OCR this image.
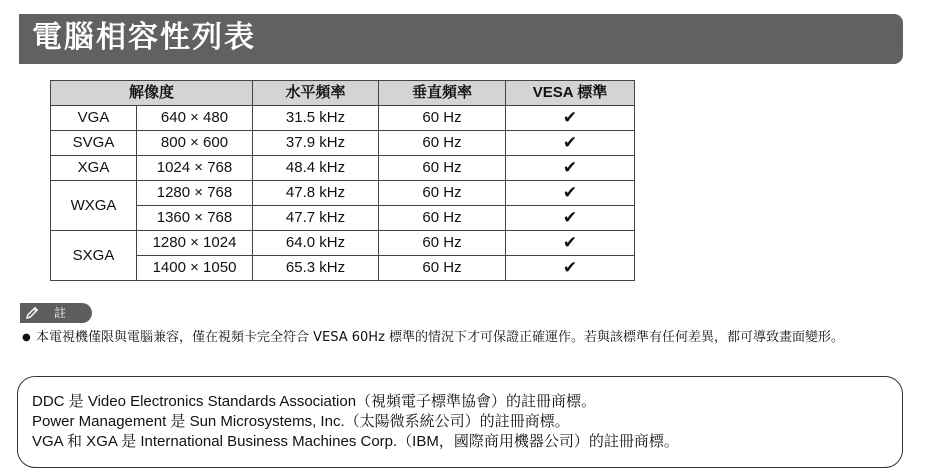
電腦相容性列表
解像度		水平頻率	垂直頻率	VESA 標準
VGA	640 × 480	31.5 kHz	60 Hz	✔
SVGA	800 × 600	37.9 kHz	60 Hz	✔
XGA	1024 × 768	48.4 kHz	60 Hz	✔
WXGA	1280 × 768	47.8 kHz	60 Hz	✔
	1360 × 768	47.7 kHz	60 Hz	✔
SXGA	1280 × 1024	64.0 kHz	60 Hz	✔
	1400 × 1050	65.3 kHz	60 Hz	✔
註
● 本電視機僅限與電腦兼容，僅在視頻卡完全符合 VESA 60Hz 標準的情況下才可保證正確運作。若與該標準有任何差異，都可導致畫面變形。
DDC 是 Video Electronics Standards Association（視頻電子標準協會）的註冊商標。
Power Management 是 Sun Microsystems, Inc.（太陽微系統公司）的註冊商標。
VGA 和 XGA 是 International Business Machines Corp.（IBM，國際商用機器公司）的註冊商標。
